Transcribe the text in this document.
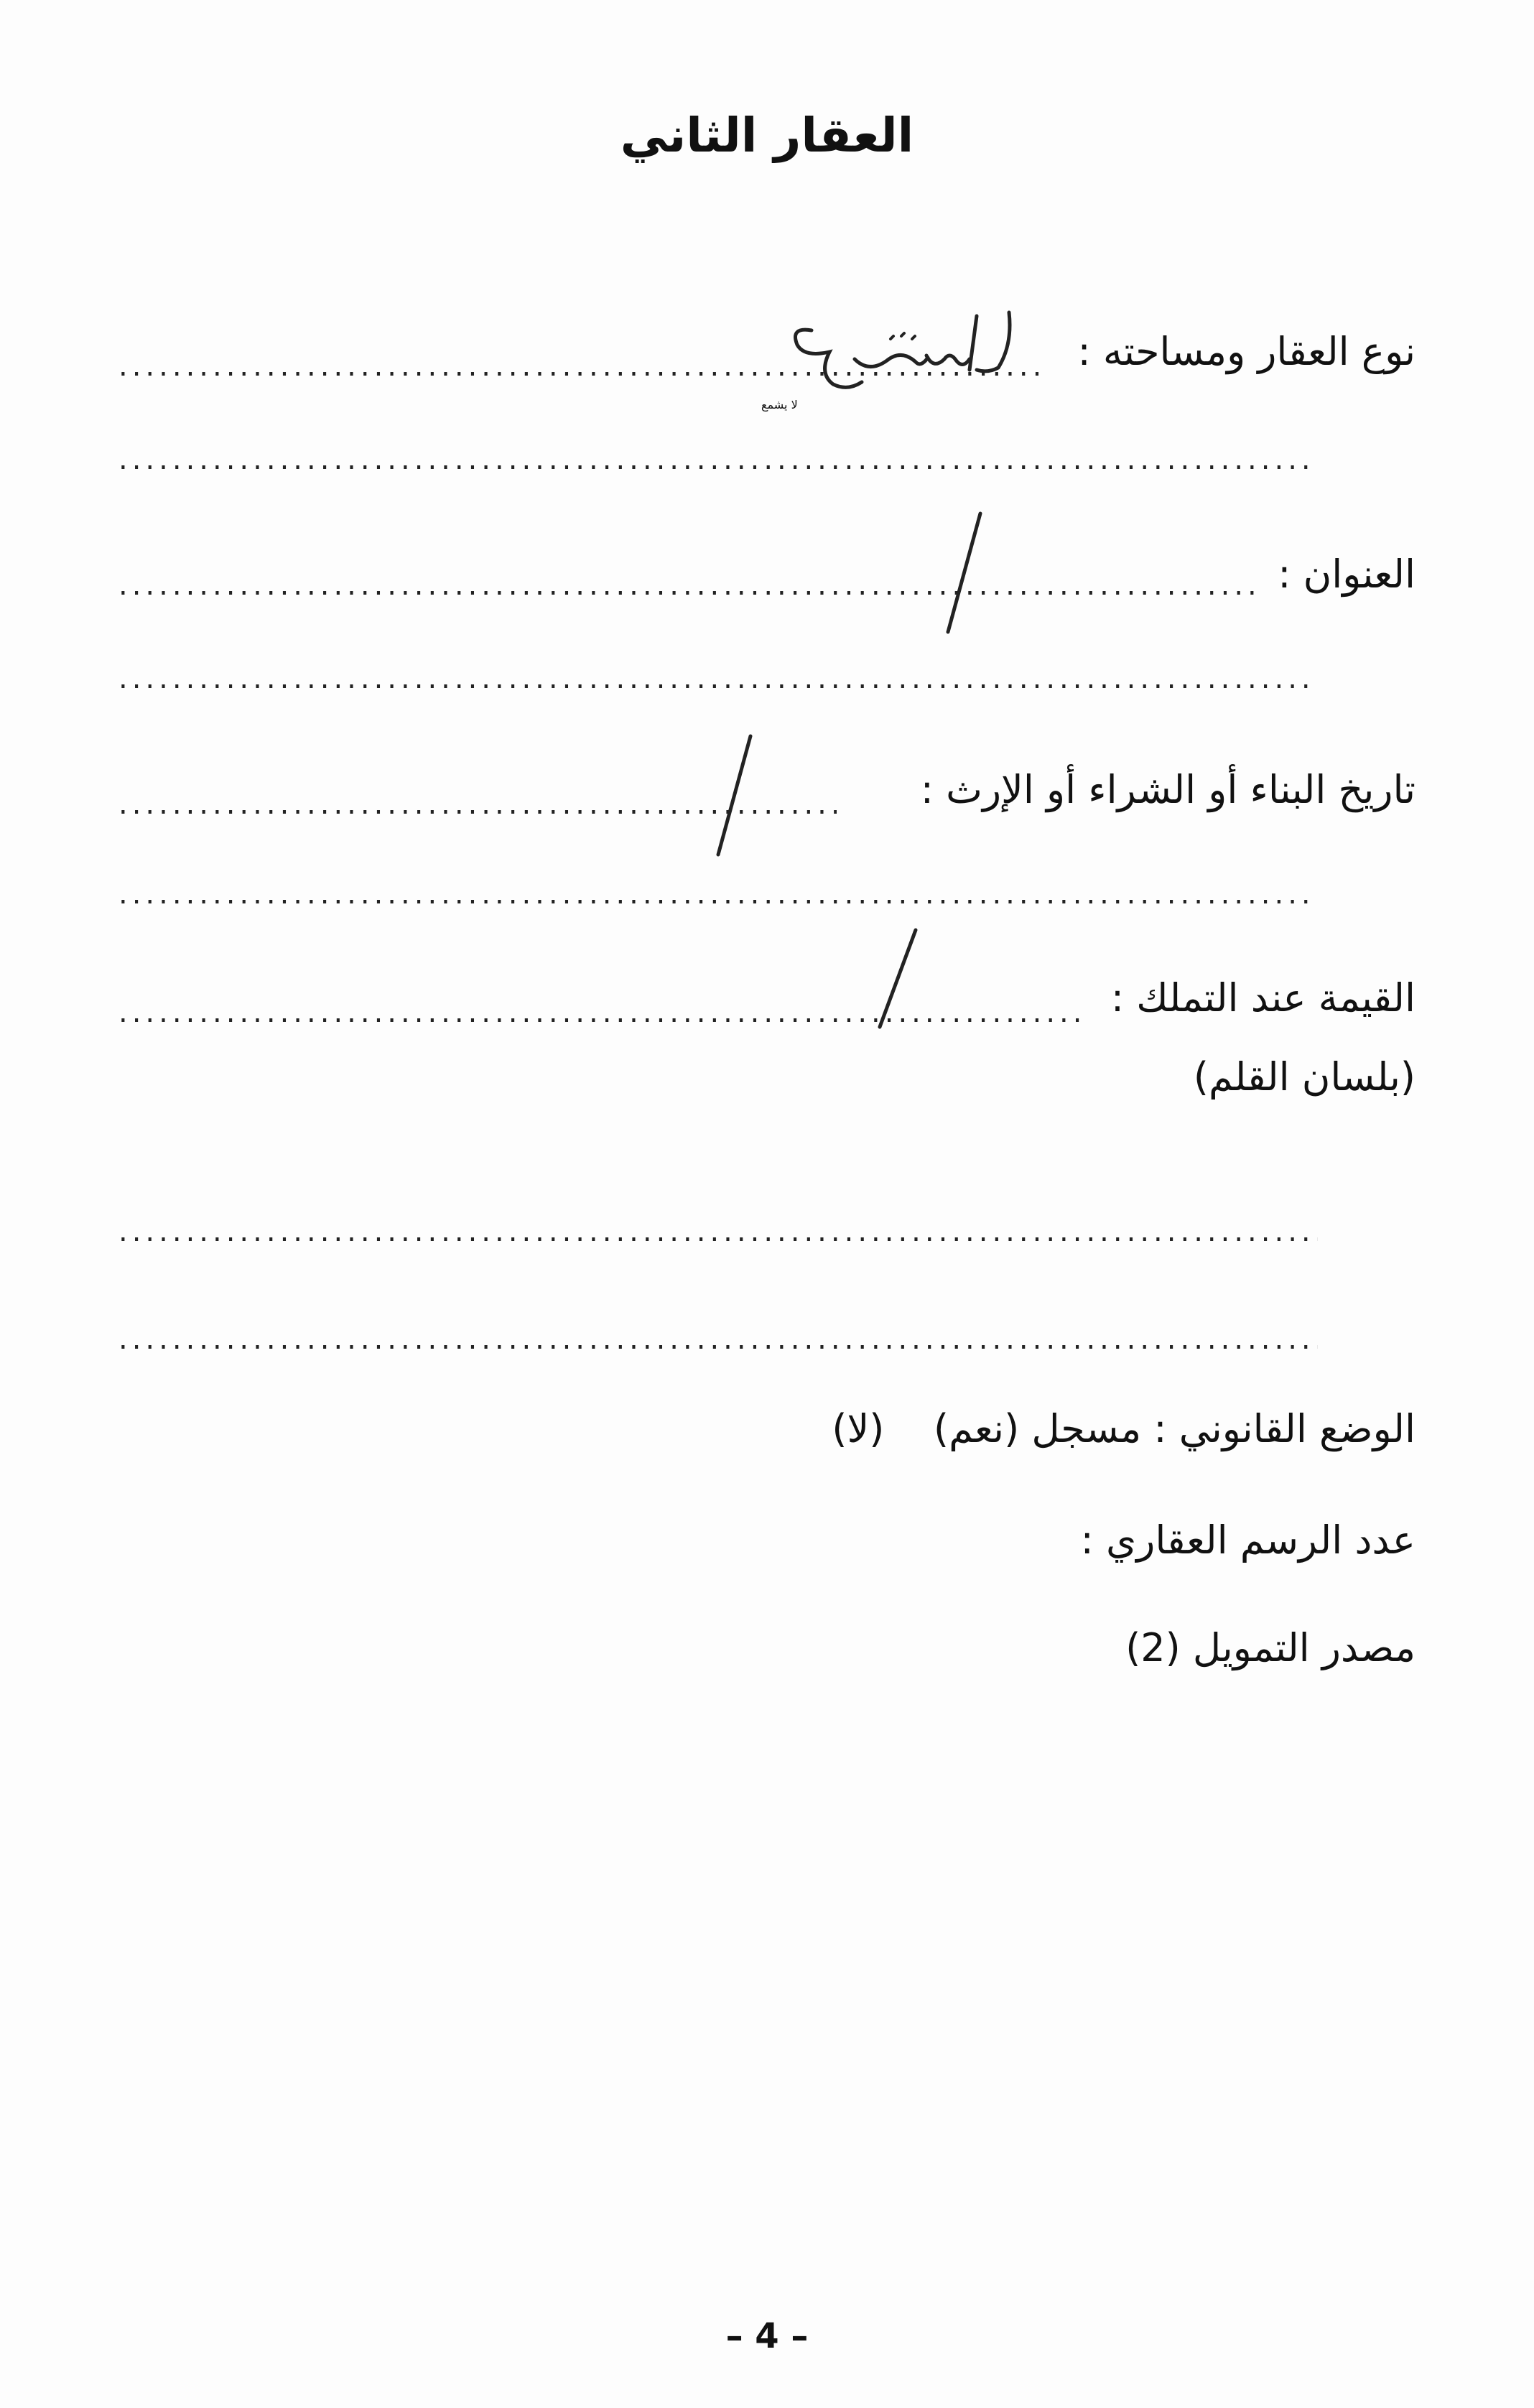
العقار الثاني
نوع العقار ومساحته :
.....
لا يشمع
.....
العنوان :
.....
.....
تاريخ البناء أو الشراء أو الإرث :
.....
.....
القيمة عند التملك :
.....
(بلسان القلم)
.....
.....
الوضع القانوني : مسجل (نعم)    (لا)
عدد الرسم العقاري :
مصدر التمويل (2)
– 4 –
